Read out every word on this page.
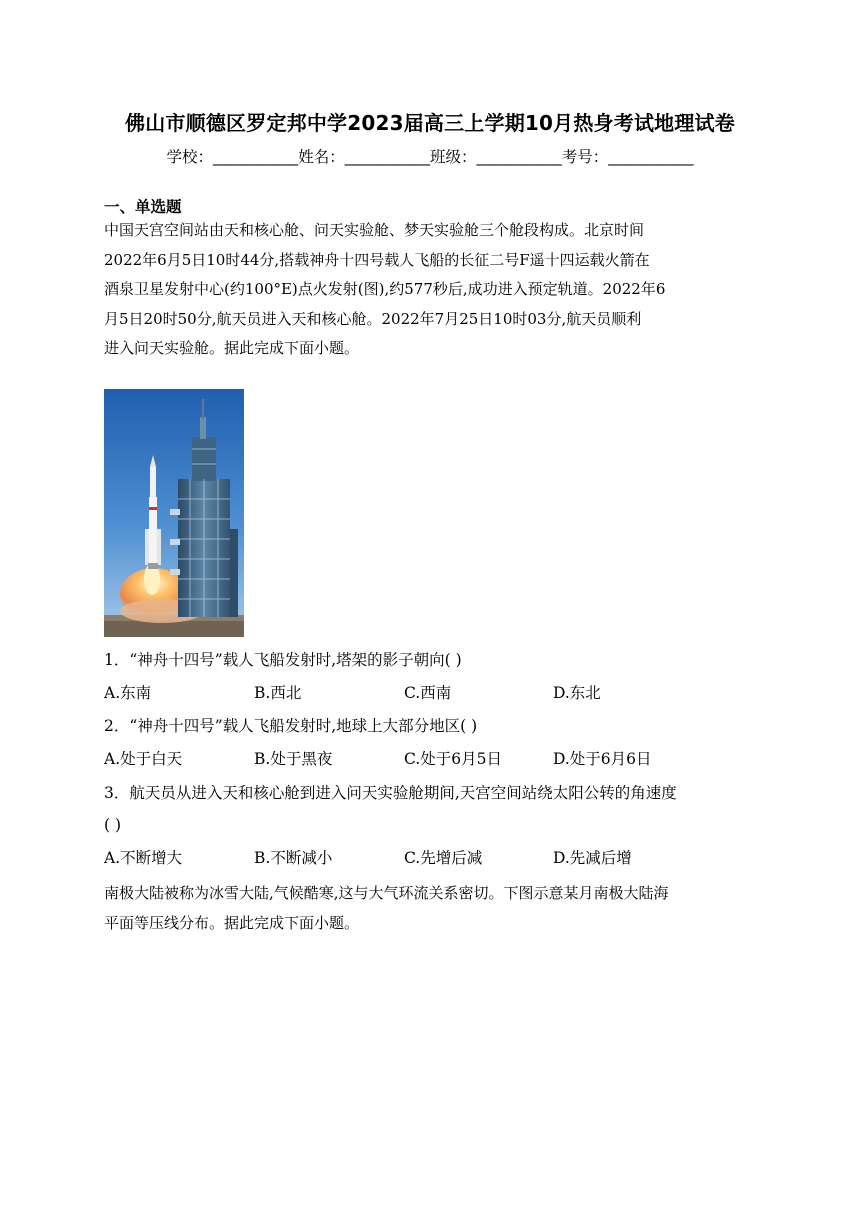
佛山市顺德区罗定邦中学2023届高三上学期10月热身考试地理试卷
学校：___________姓名：___________班级：___________考号：___________
一、单选题
中国天宫空间站由天和核心舱、问天实验舱、梦天实验舱三个舱段构成。北京时间
2022年6月5日10时44分,搭载神舟十四号载人飞船的长征二号F遥十四运载火箭在
酒泉卫星发射中心(约100°E)点火发射(图),约577秒后,成功进入预定轨道。2022年6
月5日20时50分,航天员进入天和核心舱。2022年7月25日10时03分,航天员顺利
进入问天实验舱。据此完成下面小题。
1．“神舟十四号”载人飞船发射时,塔架的影子朝向( )
A.东南	B.西北	C.西南	D.东北
2．“神舟十四号”载人飞船发射时,地球上大部分地区( )
A.处于白天	B.处于黑夜	C.处于6月5日	D.处于6月6日
3．航天员从进入天和核心舱到进入问天实验舱期间,天宫空间站绕太阳公转的角速度
( )
A.不断增大	B.不断减小	C.先增后减	D.先减后增
南极大陆被称为冰雪大陆,气候酷寒,这与大气环流关系密切。下图示意某月南极大陆海
平面等压线分布。据此完成下面小题。
